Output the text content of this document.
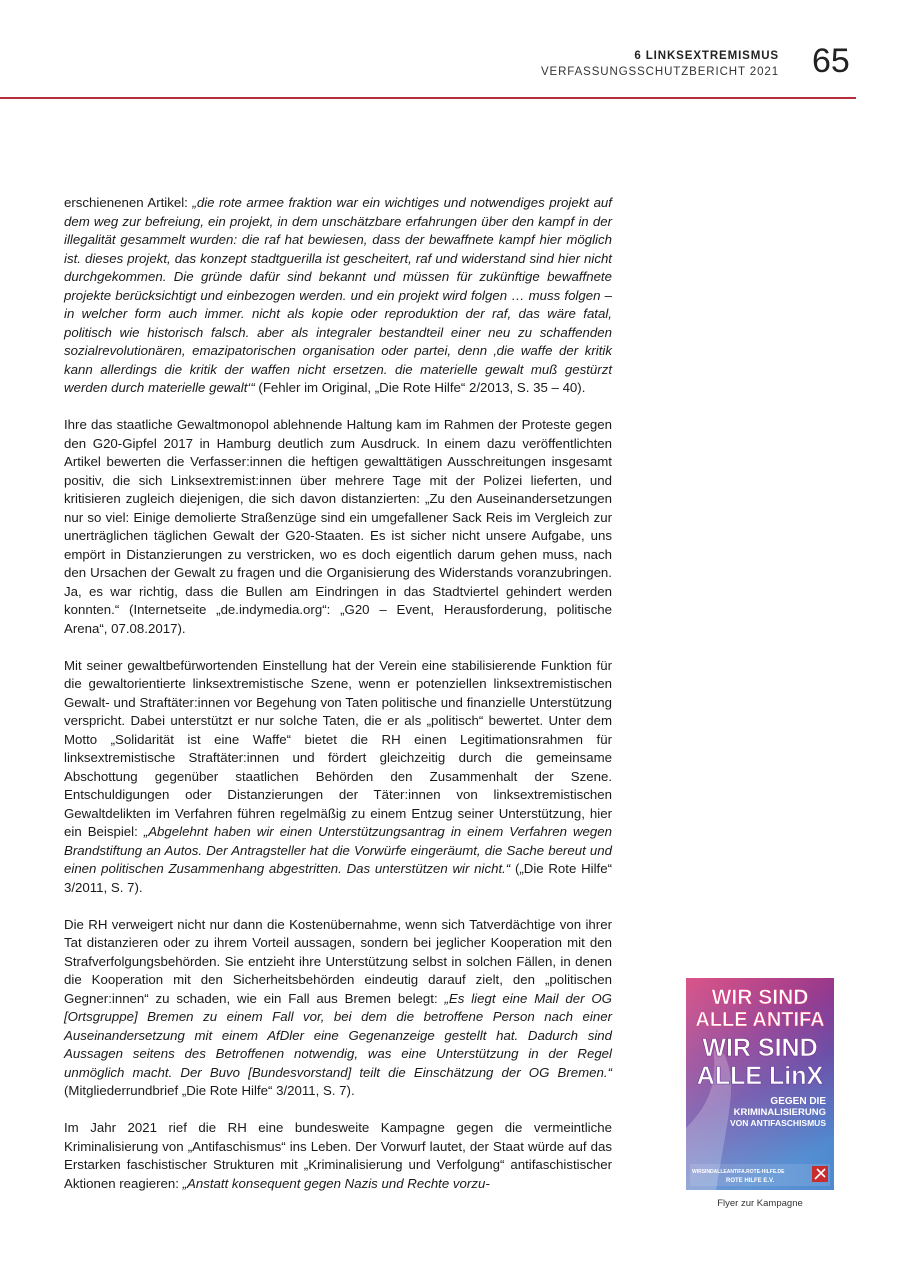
6 LINKSEXTREMISMUS
VERFASSUNGSSCHUTZBERICHT 2021 65

erschienenen Artikel: „die rote armee fraktion war ein wichtiges und notwendiges projekt auf dem weg zur befreiung, ein projekt, in dem unschätzbare erfahrungen über den kampf in der illegalität gesammelt wurden: die raf hat bewiesen, dass der bewaffnete kampf hier möglich ist. dieses projekt, das konzept stadtguerilla ist gescheitert, raf und widerstand sind hier nicht durchgekommen. Die gründe dafür sind bekannt und müssen für zukünftige bewaffnete projekte berücksichtigt und einbezogen werden. und ein projekt wird folgen … muss folgen – in welcher form auch immer. nicht als kopie oder reproduktion der raf, das wäre fatal, politisch wie historisch falsch. aber als integraler bestandteil einer neu zu schaffenden sozialrevolutionären, emazipatorischen organisation oder partei, denn ‚die waffe der kritik kann allerdings die kritik der waffen nicht ersetzen. die materielle gewalt muß gestürzt werden durch materielle gewalt‘“ (Fehler im Original, „Die Rote Hilfe“ 2/2013, S. 35 – 40).

Ihre das staatliche Gewaltmonopol ablehnende Haltung kam im Rahmen der Proteste gegen den G20-Gipfel 2017 in Hamburg deutlich zum Ausdruck. In einem dazu veröffentlichten Artikel bewerten die Verfasser:innen die heftigen gewalttätigen Ausschreitungen insgesamt positiv, die sich Linksextremist:innen über mehrere Tage mit der Polizei lieferten, und kritisieren zugleich diejenigen, die sich davon distanzierten: „Zu den Auseinandersetzungen nur so viel: Einige demolierte Straßenzüge sind ein umgefallener Sack Reis im Vergleich zur unerträglichen täglichen Gewalt der G20-Staaten. Es ist sicher nicht unsere Aufgabe, uns empört in Distanzierungen zu verstricken, wo es doch eigentlich darum gehen muss, nach den Ursachen der Gewalt zu fragen und die Organisierung des Widerstands voranzubringen. Ja, es war richtig, dass die Bullen am Eindringen in das Stadtviertel gehindert werden konnten.“ (Internetseite „de.indymedia.org“: „G20 – Event, Herausforderung, politische Arena“, 07.08.2017).

Mit seiner gewaltbefürwortenden Einstellung hat der Verein eine stabilisierende Funktion für die gewaltorientierte linksextremistische Szene, wenn er potenziellen linksextremistischen Gewalt- und Straftäter:innen vor Begehung von Taten politische und finanzielle Unterstützung verspricht. Dabei unterstützt er nur solche Taten, die er als „politisch“ bewertet. Unter dem Motto „Solidarität ist eine Waffe“ bietet die RH einen Legitimationsrahmen für linksextremistische Straftäter:innen und fördert gleichzeitig durch die gemeinsame Abschottung gegenüber staatlichen Behörden den Zusammenhalt der Szene. Entschuldigungen oder Distanzierungen der Täter:innen von linksextremistischen Gewaltdelikten im Verfahren führen regelmäßig zu einem Entzug seiner Unterstützung, hier ein Beispiel: „Abgelehnt haben wir einen Unterstützungsantrag in einem Verfahren wegen Brandstiftung an Autos. Der Antragsteller hat die Vorwürfe eingeräumt, die Sache bereut und einen politischen Zusammenhang abgestritten. Das unterstützen wir nicht.“ („Die Rote Hilfe“ 3/2011, S. 7).

Die RH verweigert nicht nur dann die Kostenübernahme, wenn sich Tatverdächtige von ihrer Tat distanzieren oder zu ihrem Vorteil aussagen, sondern bei jeglicher Kooperation mit den Strafverfolgungsbehörden. Sie entzieht ihre Unterstützung selbst in solchen Fällen, in denen die Kooperation mit den Sicherheitsbehörden eindeutig darauf zielt, den „politischen Gegner:innen“ zu schaden, wie ein Fall aus Bremen belegt: „Es liegt eine Mail der OG [Ortsgruppe] Bremen zu einem Fall vor, bei dem die betroffene Person nach einer Auseinandersetzung mit einem AfDler eine Gegenanzeige gestellt hat. Dadurch sind Aussagen seitens des Betroffenen notwendig, was eine Unterstützung in der Regel unmöglich macht. Der Buvo [Bundesvorstand] teilt die Einschätzung der OG Bremen.“ (Mitgliederrundbrief „Die Rote Hilfe“ 3/2011, S. 7).

Im Jahr 2021 rief die RH eine bundesweite Kampagne gegen die vermeintliche Kriminalisierung von „Antifaschismus“ ins Leben. Der Vorwurf lautet, der Staat würde auf das Erstarken faschistischer Strukturen mit „Kriminalisierung und Verfolgung“ antifaschistischer Aktionen reagieren: „Anstatt konsequent gegen Nazis und Rechte vorzu-

WIR SIND
ALLE ANTIFA
WIR SIND
ALLE LinX
GEGEN DIE
KRIMINALISIERUNG
VON ANTIFASCHISMUS
WIRSINDALLEANTIFA.ROTE-HILFE.DE
ROTE HILFE E.V.
Flyer zur Kampagne
